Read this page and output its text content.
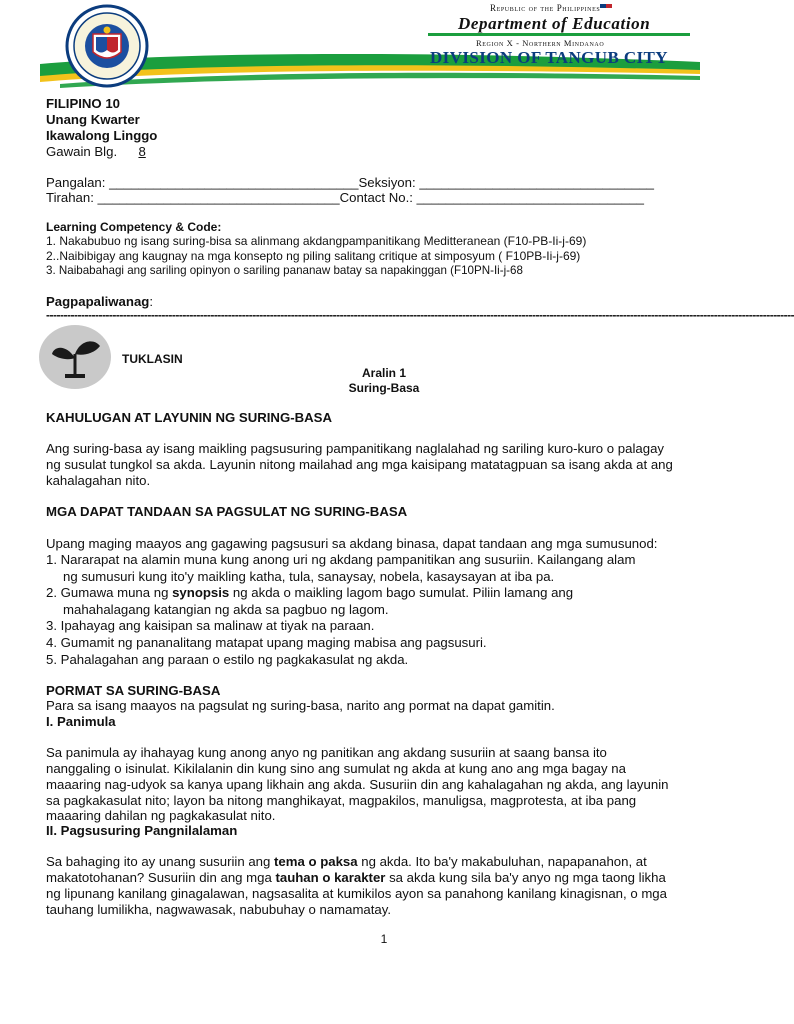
Republic of the Philippines
Department of Education
Region X - Northern Mindanao
DIVISION OF TANGUB CITY
FILIPINO 10
Unang Kwarter
Ikawalong Linggo
Gawain Blg. 8
Pangalan: __________________________________Seksiyon: ________________________________
Tirahan: _________________________________Contact No.: _______________________________
Learning Competency & Code:
1. Nakabubuo ng isang suring-bisa sa alinmang akdangpampanitikang Meditteranean (F10-PB-Ii-j-69)
2..Naibibigay ang kaugnay na mga konsepto ng piling salitang critique at simposyum ( F10PB-Ii-j-69)
3. Naibabahagi ang sariling opinyon o sariling pananaw batay sa napakinggan (F10PN-Ii-j-68
Pagpapaliwanag:
----------------------------------------------------------------------------------------------------------------------------------------------------------------------------------------------------------------------
TUKLASIN
Aralin 1
Suring-Basa
KAHULUGAN AT LAYUNIN NG SURING-BASA
Ang suring-basa ay isang maikling pagsusuring pampanitikang naglalahad ng sariling kuro-kuro o palagay
ng susulat tungkol sa akda. Layunin nitong mailahad ang mga kaisipang matatagpuan sa isang akda at ang
kahalagahan nito.
MGA DAPAT TANDAAN SA PAGSULAT NG SURING-BASA
Upang maging maayos ang gagawing pagsusuri sa akdang binasa, dapat tandaan ang mga sumusunod:
1. Nararapat na alamin muna kung anong uri ng akdang pampanitikan ang susuriin. Kailangang alam
ng sumusuri kung ito'y maikling katha, tula, sanaysay, nobela, kasaysayan at iba pa.
2. Gumawa muna ng synopsis ng akda o maikling lagom bago sumulat. Piliin lamang ang
mahahalagang katangian ng akda sa pagbuo ng lagom.
3. Ipahayag ang kaisipan sa malinaw at tiyak na paraan.
4. Gumamit ng pananalitang matapat upang maging mabisa ang pagsusuri.
5. Pahalagahan ang paraan o estilo ng pagkakasulat ng akda.
PORMAT SA SURING-BASA
Para sa isang maayos na pagsulat ng suring-basa, narito ang pormat na dapat gamitin.
I. Panimula
Sa panimula ay ihahayag kung anong anyo ng panitikan ang akdang susuriin at saang bansa ito
nanggaling o isinulat. Kikilalanin din kung sino ang sumulat ng akda at kung ano ang mga bagay na
maaaring nag-udyok sa kanya upang likhain ang akda. Susuriin din ang kahalagahan ng akda, ang layunin
sa pagkakasulat nito; layon ba nitong manghikayat, magpakilos, manuligsa, magprotesta, at iba pang
maaaring dahilan ng pagkakasulat nito.
II. Pagsusuring Pangnilalaman
Sa bahaging ito ay unang susuriin ang tema o paksa ng akda. Ito ba'y makabuluhan, napapanahon, at
makatotohanan? Susuriin din ang mga tauhan o karakter sa akda kung sila ba'y anyo ng mga taong likha
ng lipunang kanilang ginagalawan, nagsasalita at kumikilos ayon sa panahong kanilang kinagisnan, o mga
tauhang lumilikha, nagwawasak, nabubuhay o namamatay.
1
